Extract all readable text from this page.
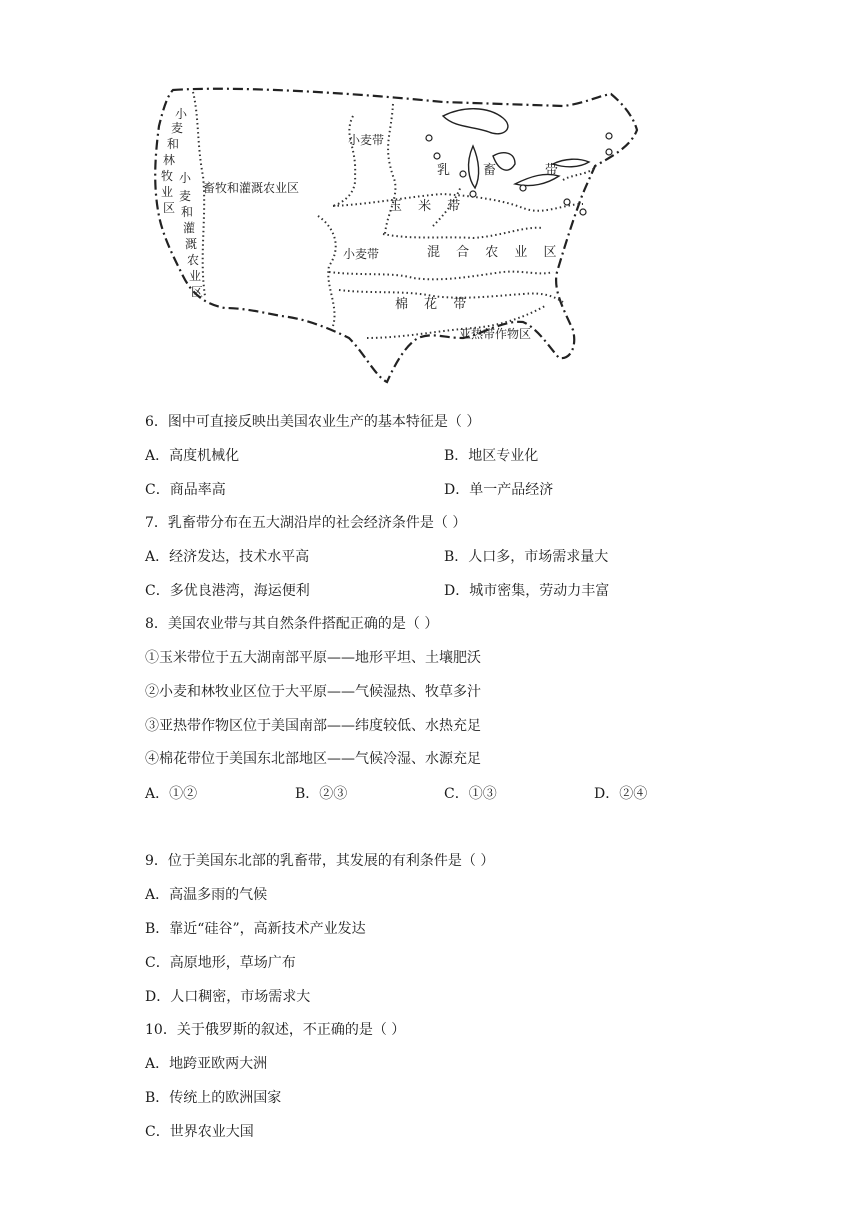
小麦带
畜牧和灌溉农业区
小
麦
和
林
牧
业
区
小
麦
和
灌
溉
农
业
区
玉 米 带
乳 畜	带
小麦带	混 合 农 业 区
棉 花 带
亚热带作物区
6．图中可直接反映出美国农业生产的基本特征是（ ）
A．高度机械化	B．地区专业化
C．商品率高	D．单一产品经济
7．乳畜带分布在五大湖沿岸的社会经济条件是（ ）
A．经济发达，技术水平高	B．人口多，市场需求量大
C．多优良港湾，海运便利	D．城市密集，劳动力丰富
8．美国农业带与其自然条件搭配正确的是（ ）
①玉米带位于五大湖南部平原——地形平坦、土壤肥沃
②小麦和林牧业区位于大平原——气候湿热、牧草多汁
③亚热带作物区位于美国南部——纬度较低、水热充足
④棉花带位于美国东北部地区——气候冷湿、水源充足
A．①②	B．②③	C．①③	D．②④
9．位于美国东北部的乳畜带，其发展的有利条件是（ ）
A．高温多雨的气候
B．靠近“硅谷”，高新技术产业发达
C．高原地形，草场广布
D．人口稠密，市场需求大
10．关于俄罗斯的叙述，不正确的是（ ）
A．地跨亚欧两大洲
B．传统上的欧洲国家
C．世界农业大国
